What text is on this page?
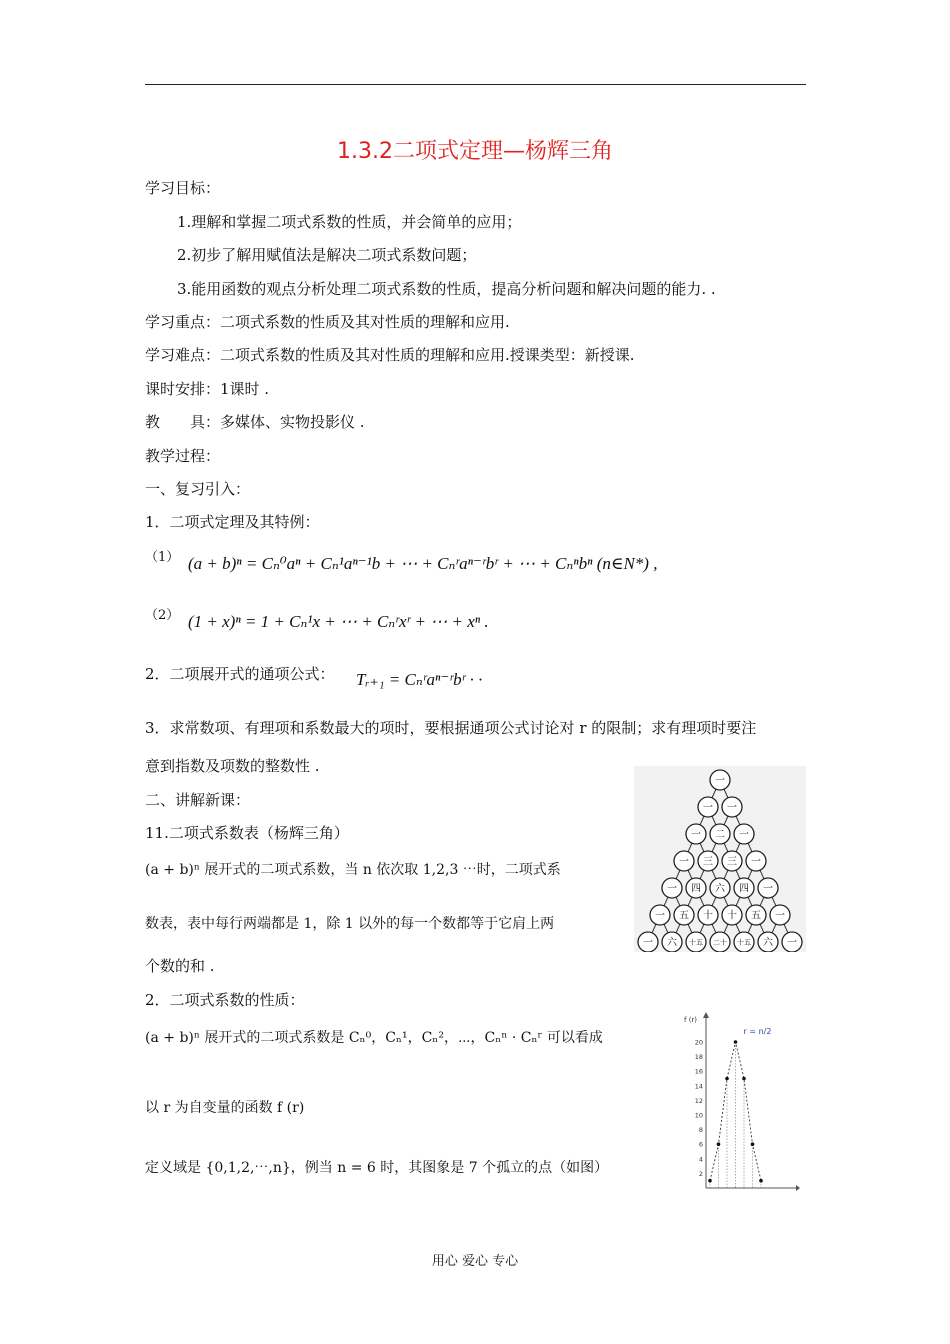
1.3.2二项式定理—杨辉三角
学习目标：
1.理解和掌握二项式系数的性质，并会简单的应用；
2.初步了解用赋值法是解决二项式系数问题；
3.能用函数的观点分析处理二项式系数的性质，提高分析问题和解决问题的能力. .
学习重点：二项式系数的性质及其对性质的理解和应用.
学习难点：二项式系数的性质及其对性质的理解和应用.授课类型：新授课.
课时安排：1课时 .
教　　具：多媒体、实物投影仪 .
教学过程：
一、复习引入：
1．二项式定理及其特例：
（1） (a + b)ⁿ = Cₙ⁰aⁿ + Cₙ¹aⁿ⁻¹b + ⋯ + Cₙʳaⁿ⁻ʳbʳ + ⋯ + Cₙⁿbⁿ (n∈N*) ,
（2） (1 + x)ⁿ = 1 + Cₙ¹x + ⋯ + Cₙʳxʳ + ⋯ + xⁿ .
2．二项展开式的通项公式： Tᵣ₊₁ = Cₙʳaⁿ⁻ʳbʳ · ·
3．求常数项、有理项和系数最大的项时，要根据通项公式讨论对 r 的限制；求有理项时要注
意到指数及项数的整数性 .
二、讲解新课：
11.二项式系数表（杨辉三角）
(a + b)ⁿ 展开式的二项式系数，当 n 依次取 1,2,3 ⋯时，二项式系
数表，表中每行两端都是 1，除 1 以外的每一个数都等于它肩上两
个数的和 .
2．二项式系数的性质：
(a + b)ⁿ 展开式的二项式系数是 Cₙ⁰，Cₙ¹，Cₙ²，⋯，Cₙⁿ · Cₙʳ 可以看成
以 r 为自变量的函数 f (r)
定义域是 {0,1,2,⋯,n}，例当 n = 6 时，其图象是 7 个孤立的点（如图）
一
一 一
一 二 一
一 三 三 一
一 四 六 四 一
一 五 十 十 五 一
一 六 十五 二十 十五 六 一
f (r)
2
4
6
8
10
12
14
16
18
20
r = n/2
用心 爱心 专心
